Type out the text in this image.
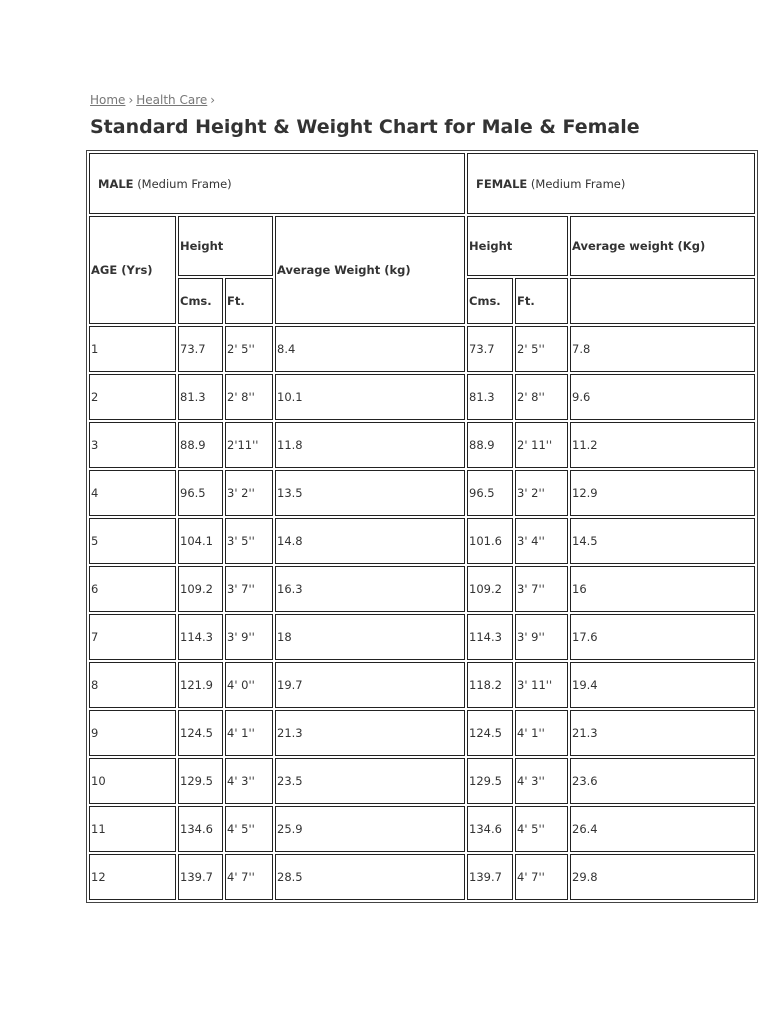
Home › Health Care ›
Standard Height & Weight Chart for Male & Female
MALE (Medium Frame)				FEMALE (Medium Frame)		
AGE (Yrs)	Height		Average Weight (kg)	Height		Average weight (Kg)
	Cms.	Ft.		Cms.	Ft.	
1	73.7	2' 5''	8.4	73.7	2' 5''	7.8
2	81.3	2' 8''	10.1	81.3	2' 8''	9.6
3	88.9	2'11''	11.8	88.9	2' 11''	11.2
4	96.5	3' 2''	13.5	96.5	3' 2''	12.9
5	104.1	3' 5''	14.8	101.6	3' 4''	14.5
6	109.2	3' 7''	16.3	109.2	3' 7''	16
7	114.3	3' 9''	18	114.3	3' 9''	17.6
8	121.9	4' 0''	19.7	118.2	3' 11''	19.4
9	124.5	4' 1''	21.3	124.5	4' 1''	21.3
10	129.5	4' 3''	23.5	129.5	4' 3''	23.6
11	134.6	4' 5''	25.9	134.6	4' 5''	26.4
12	139.7	4' 7''	28.5	139.7	4' 7''	29.8
